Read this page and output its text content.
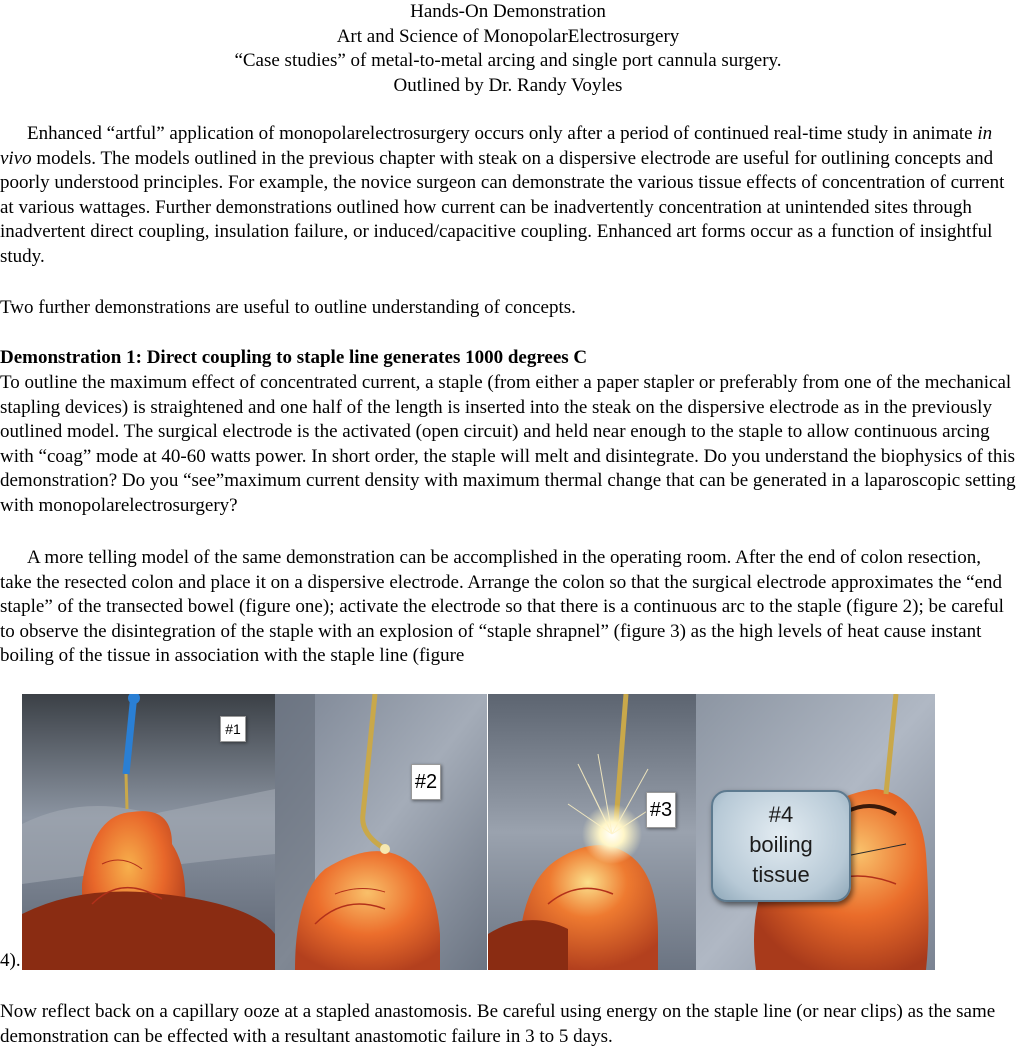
Hands-On Demonstration
Art and Science of MonopolarElectrosurgery
“Case studies” of metal-to-metal arcing and single port cannula surgery.
Outlined by Dr. Randy Voyles

Enhanced “artful” application of monopolarelectrosurgery occurs only after a period of continued real-time study in animate in vivo models. The models outlined in the previous chapter with steak on a dispersive electrode are useful for outlining concepts and poorly understood principles. For example, the novice surgeon can demonstrate the various tissue effects of concentration of current at various wattages. Further demonstrations outlined how current can be inadvertently concentration at unintended sites through inadvertent direct coupling, insulation failure, or induced/capacitive coupling. Enhanced art forms occur as a function of insightful study.

Two further demonstrations are useful to outline understanding of concepts.

Demonstration 1: Direct coupling to staple line generates 1000 degrees C

To outline the maximum effect of concentrated current, a staple (from either a paper stapler or preferably from one of the mechanical stapling devices) is straightened and one half of the length is inserted into the steak on the dispersive electrode as in the previously outlined model. The surgical electrode is the activated (open circuit) and held near enough to the staple to allow continuous arcing with “coag” mode at 40-60 watts power. In short order, the staple will melt and disintegrate. Do you understand the biophysics of this demonstration? Do you “see”maximum current density with maximum thermal change that can be generated in a laparoscopic setting with monopolarelectrosurgery?

A more telling model of the same demonstration can be accomplished in the operating room. After the end of colon resection, take the resected colon and place it on a dispersive electrode. Arrange the colon so that the surgical electrode approximates the “end staple” of the transected bowel (figure one); activate the electrode so that there is a continuous arc to the staple (figure 2); be careful to observe the disintegration of the staple with an explosion of “staple shrapnel” (figure 3) as the high levels of heat cause instant boiling of the tissue in association with the staple line (figure

#1
#2
#3	#4
boiling
tissue
4).

Now reflect back on a capillary ooze at a stapled anastomosis. Be careful using energy on the staple line (or near clips) as the same demonstration can be effected with a resultant anastomotic failure in 3 to 5 days.
